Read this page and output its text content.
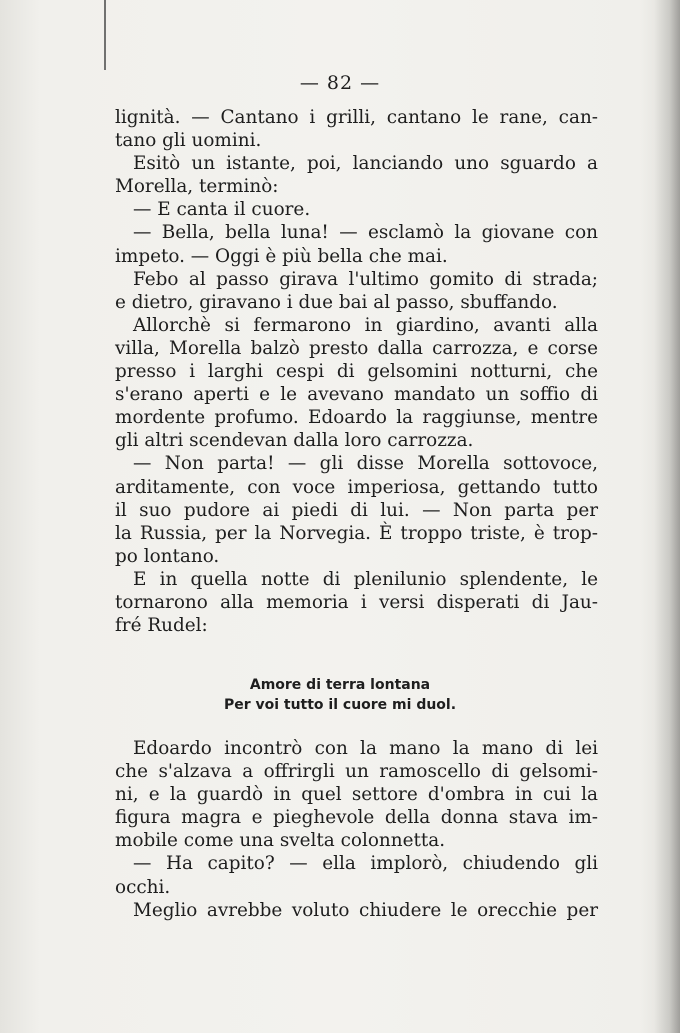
— 82 —
lignità. — Cantano i grilli, cantano le rane, can-
tano gli uomini.
Esitò un istante, poi, lanciando uno sguardo a
Morella, terminò:
— E canta il cuore.
— Bella, bella luna! — esclamò la giovane con
impeto. — Oggi è più bella che mai.
Febo al passo girava l'ultimo gomito di strada;
e dietro, giravano i due bai al passo, sbuffando.
Allorchè si fermarono in giardino, avanti alla
villa, Morella balzò presto dalla carrozza, e corse
presso i larghi cespi di gelsomini notturni, che
s'erano aperti e le avevano mandato un soffio di
mordente profumo. Edoardo la raggiunse, mentre
gli altri scendevan dalla loro carrozza.
— Non parta! — gli disse Morella sottovoce,
arditamente, con voce imperiosa, gettando tutto
il suo pudore ai piedi di lui. — Non parta per
la Russia, per la Norvegia. È troppo triste, è trop-
po lontano.
E in quella notte di plenilunio splendente, le
tornarono alla memoria i versi disperati di Jau-
fré Rudel:
Amore di terra lontana
Per voi tutto il cuore mi duol.
Edoardo incontrò con la mano la mano di lei
che s'alzava a offrirgli un ramoscello di gelsomi-
ni, e la guardò in quel settore d'ombra in cui la
figura magra e pieghevole della donna stava im-
mobile come una svelta colonnetta.
— Ha capito? — ella implorò, chiudendo gli
occhi.
Meglio avrebbe voluto chiudere le orecchie per
